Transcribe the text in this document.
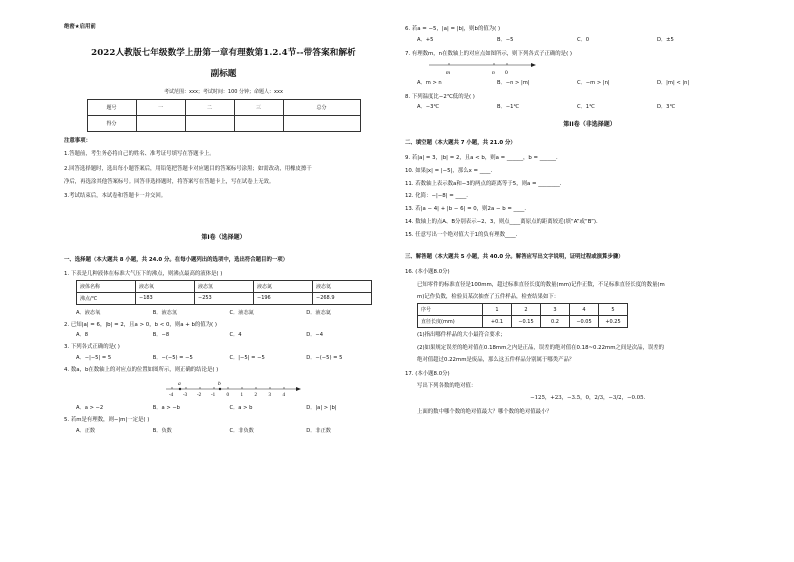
绝密★启用前
2022人教版七年级数学上册第一章有理数第1.2.4节--带答案和解析
副标题
考试范围：xxx；考试时间：100 分钟；命题人：xxx
题号	一	二	三	总分
得分				
注意事项：
1.答题前，考生务必将自己的姓名、准考证号填写在答题卡上。
2.回答选择题时，选出每小题答案后，用铅笔把答题卡对应题目的答案标号涂黑；如需改动，用橡皮擦干
净后，再选涂其他答案标号。回答非选择题时，将答案写在答题卡上，写在试卷上无效。
3.考试结束后，本试卷和答题卡一并交回。
第I卷（选择题）
一、选择题（本大题共 8 小题，共 24.0 分。在每小题列出的选项中，选出符合题目的一项）
1. 下表是几种液体在标准大气压下的沸点，则沸点最高的液体是( )
液体名称	液态氧	液态氢	液态氮	液态氦
沸点/℃	−183	−253	−196	−268.9
A．液态氧	B．液态氢	C．液态氮	D．液态氦
2. 已知|a| = 6，|b| = 2，且a > 0，b < 0，则a + b的值为( )
A．8	B．−8	C．4	D．−4
3. 下列各式正确的是( )
A．−|−5| = 5	B．−(−5) = −5	C．|−5| = −5	D．−(−5) = 5
4. 数a，b在数轴上的对应点的位置如图所示，则正确的结论是( )
-4 -3 -2 -1 0 1 2 3 4
a	b
A．a > −2	B．a > −b	C．a > b	D．|a| > |b|
5. 若m是有理数，则−|m|一定是( )
A．正数	B．负数	C．非负数	D．非正数
6. 若a = −5，|a| = |b|，则b的值为( )
A．+5	B．−5	C．0	D．±5
7. 有理数m，n在数轴上的对应点如图所示，则下列各式子正确的是( )
m	n 0
A．m > n	B．−n > |m|	C．−m > |n|	D．|m| < |n|
8. 下列温度比−2℃低的是( )
A．−3℃	B．−1℃	C．1℃	D．3℃
第II卷（非选择题）
二、填空题（本大题共 7 小题，共 21.0 分）
9. 若|a| = 3，|b| = 2，且a < b，则a = ______，b = ______．
10. 如果|x| = |−5|，那么x = ____．
11. 若数轴上表示数a和−3的两点的距离等于5，则a = ________．
12. 化简：−|−8| = ____．
13. 若|a − 4| + |b − 6| = 0，则2a − b = ____．
14. 数轴上的点A、B分别表示−2、3，则点____离原点的距离较近(填“A”或“B”)．
15. 任意写出一个绝对值大于1的负有理数____．
三、解答题（本大题共 5 小题，共 40.0 分。解答应写出文字说明，证明过程或演算步骤）
16. (本小题8.0分)
已知零件的标准直径是100mm，超过标准直径长度的数量(mm)记作正数，不足标准直径长度的数量(m
m)记作负数，检验员某次抽查了五件样品，检查结果如下：
序号	1	2	3	4	5
直径长度(mm)	+0.1	−0.15	0.2	−0.05	+0.25
(1)指出哪件样品的大小最符合要求；
(2)如果规定误差的绝对值在0.18mm之内是正品，误差的绝对值在0.18~0.22mm之间是次品，误差的
绝对值超过0.22mm是废品，那么这五件样品分别属于哪类产品？
17. (本小题8.0分)
写出下列各数的绝对值：
−125，+23，−3.5，0，2/3，−3/2，−0.05．
上面的数中哪个数的绝对值最大？哪个数的绝对值最小？
